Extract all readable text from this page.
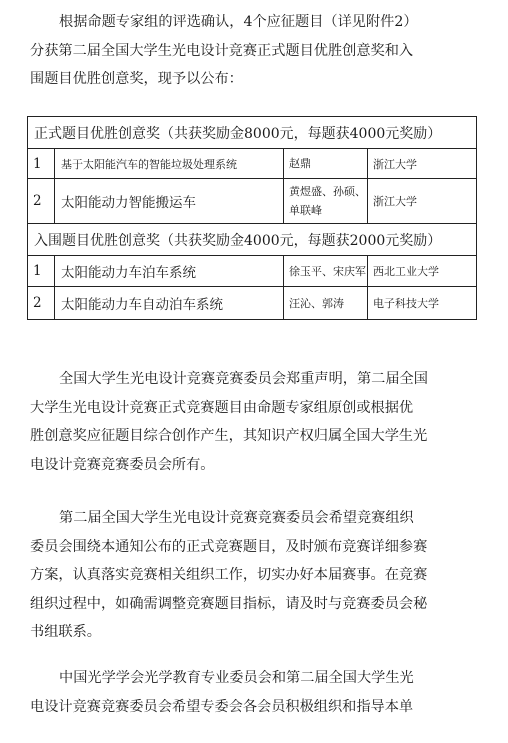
根据命题专家组的评选确认，4个应征题目（详见附件2）
分获第二届全国大学生光电设计竞赛正式题目优胜创意奖和入
围题目优胜创意奖，现予以公布：
正式题目优胜创意奖（共获奖励金8000元，每题获4000元奖励）			
1	基于太阳能汽车的智能垃圾处理系统	赵鼎	浙江大学
2	太阳能动力智能搬运车	黄煜盛、孙硕、单联峰	浙江大学
入围题目优胜创意奖（共获奖励金4000元，每题获2000元奖励）			
1	太阳能动力车泊车系统	徐玉平、宋庆军	西北工业大学
2	太阳能动力车自动泊车系统	汪沁、郭涛	电子科技大学
全国大学生光电设计竞赛竞赛委员会郑重声明，第二届全国
大学生光电设计竞赛正式竞赛题目由命题专家组原创或根据优
胜创意奖应征题目综合创作产生，其知识产权归属全国大学生光
电设计竞赛竞赛委员会所有。
第二届全国大学生光电设计竞赛竞赛委员会希望竞赛组织
委员会围绕本通知公布的正式竞赛题目，及时颁布竞赛详细参赛
方案，认真落实竞赛相关组织工作，切实办好本届赛事。在竞赛
组织过程中，如确需调整竞赛题目指标，请及时与竞赛委员会秘
书组联系。
中国光学学会光学教育专业委员会和第二届全国大学生光
电设计竞赛竞赛委员会希望专委会各会员积极组织和指导本单
